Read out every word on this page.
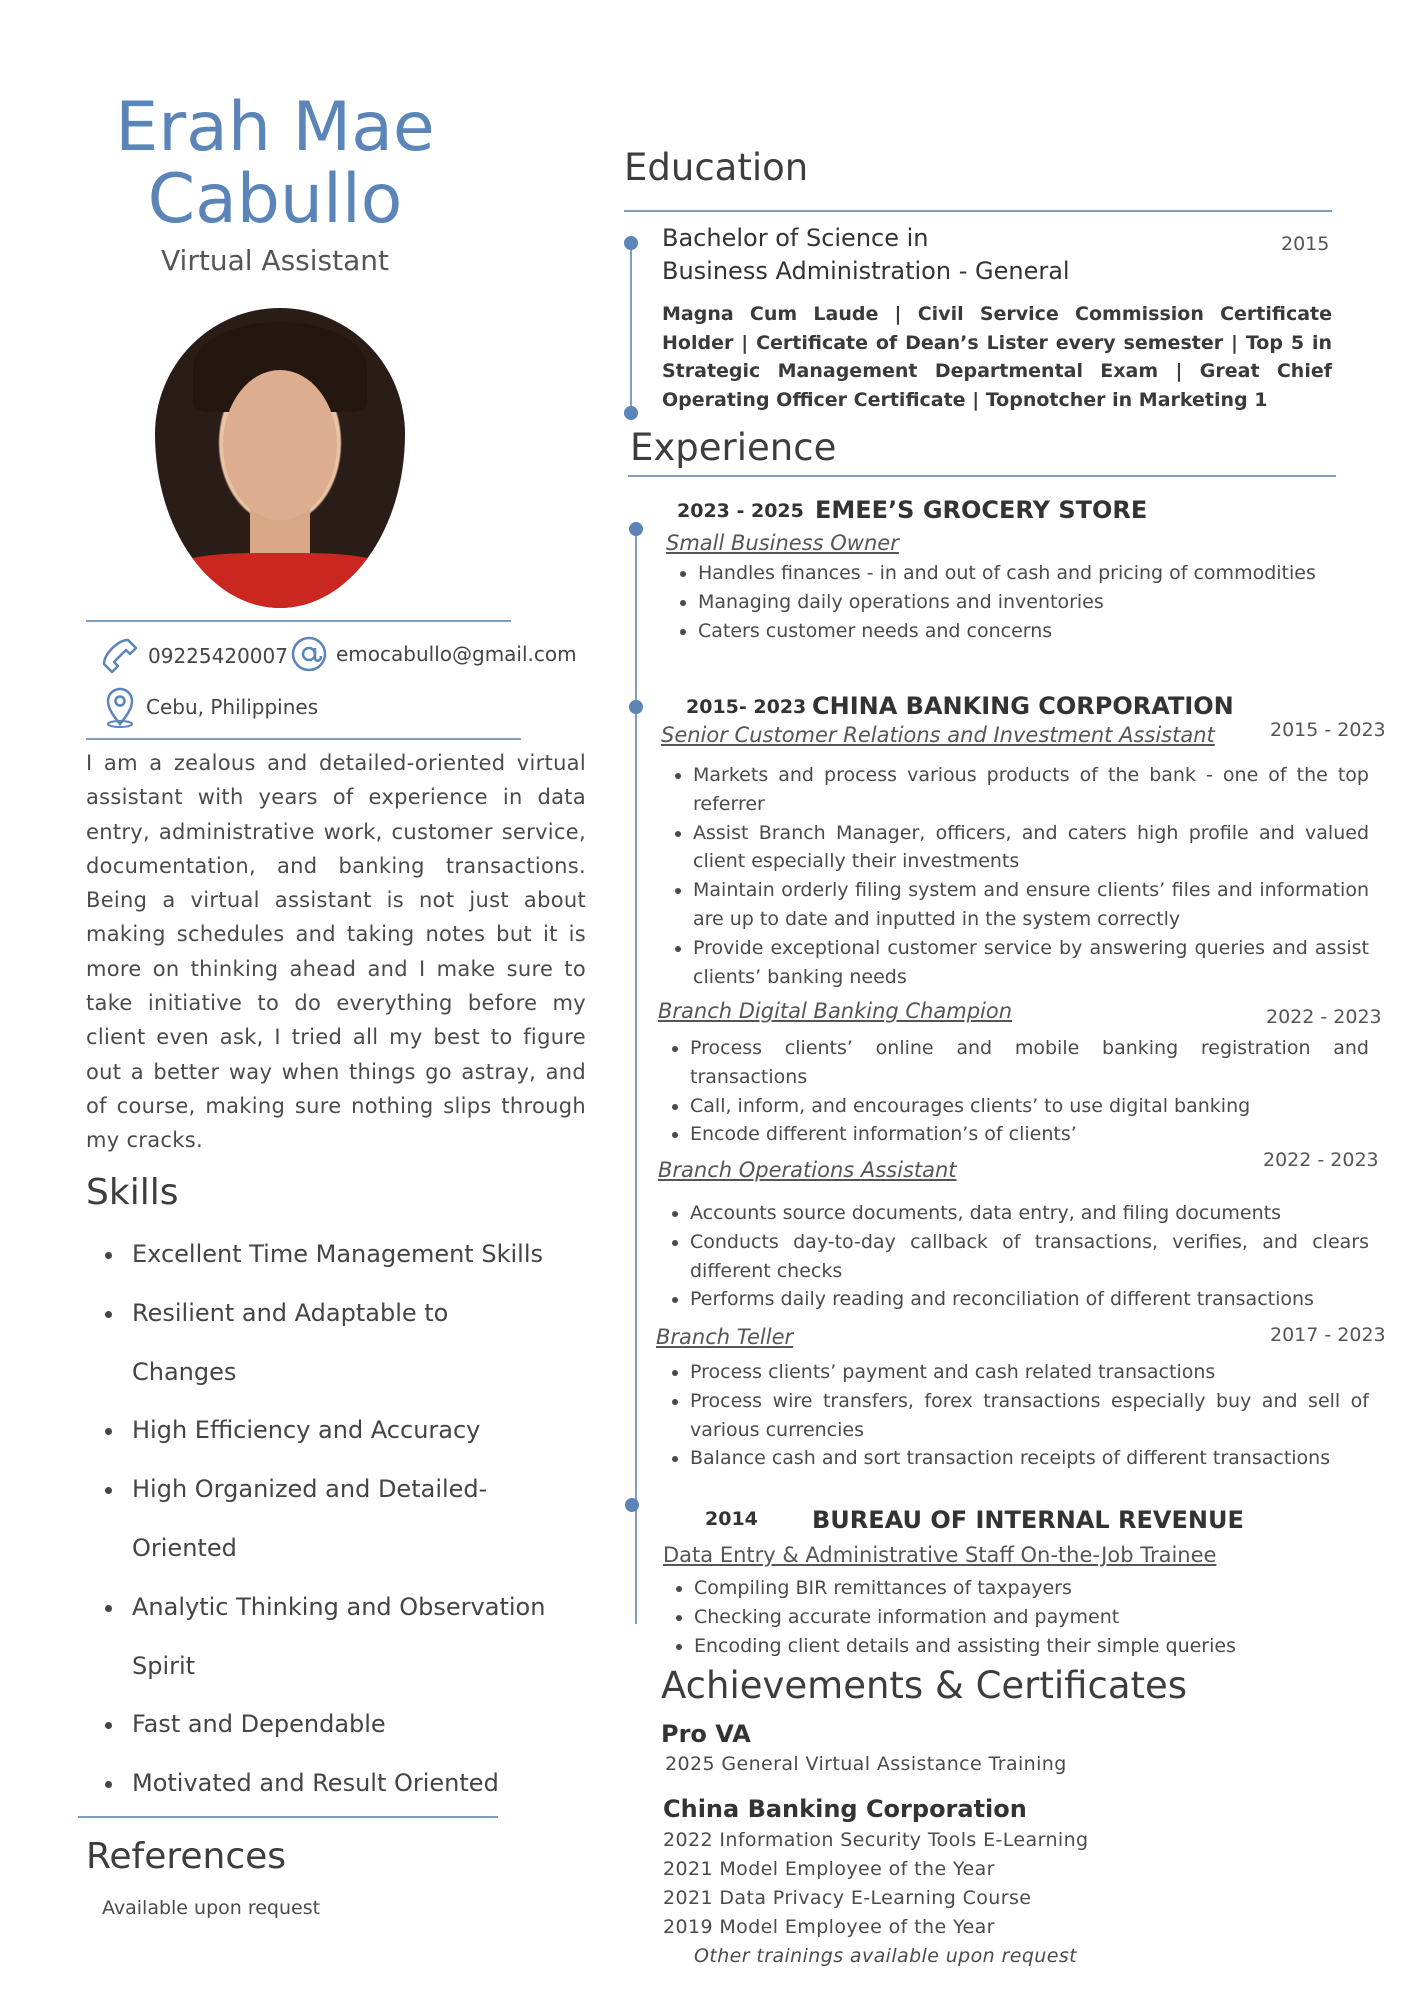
Erah Mae
Cabullo
Virtual Assistant
09225420007 emocabullo@gmail.com
Cebu, Philippines
I am a zealous and detailed-oriented virtual assistant with years of experience in data entry, administrative work, customer service, documentation, and banking transactions. Being a virtual assistant is not just about making schedules and taking notes but it is more on thinking ahead and I make sure to take initiative to do everything before my client even ask, I tried all my best to figure out a better way when things go astray, and of course, making sure nothing slips through my cracks.
Skills
• Excellent Time Management Skills
• Resilient and Adaptable to Changes
• High Efficiency and Accuracy
• High Organized and Detailed-Oriented
• Analytic Thinking and Observation Spirit
• Fast and Dependable
• Motivated and Result Oriented
References
Available upon request
Education
Bachelor of Science in
Business Administration - General
2015
Magna Cum Laude | Civil Service Commission Certificate Holder | Certificate of Dean’s Lister every semester | Top 5 in Strategic Management Departmental Exam | Great Chief Operating Officer Certificate | Topnotcher in Marketing 1
Experience
2023 - 2025 EMEE’S GROCERY STORE
Small Business Owner
• Handles finances - in and out of cash and pricing of commodities
• Managing daily operations and inventories
• Caters customer needs and concerns
2015- 2023 CHINA BANKING CORPORATION
Senior Customer Relations and Investment Assistant	2015 - 2023
• Markets and process various products of the bank - one of the top referrer
• Assist Branch Manager, officers, and caters high profile and valued client especially their investments
• Maintain orderly filing system and ensure clients’ files and information are up to date and inputted in the system correctly
• Provide exceptional customer service by answering queries and assist clients’ banking needs
Branch Digital Banking Champion	2022 - 2023
• Process clients’ online and mobile banking registration and transactions
• Call, inform, and encourages clients’ to use digital banking
• Encode different information’s of clients’
Branch Operations Assistant	2022 - 2023
• Accounts source documents, data entry, and filing documents
• Conducts day-to-day callback of transactions, verifies, and clears different checks
• Performs daily reading and reconciliation of different transactions
Branch Teller	2017 - 2023
• Process clients’ payment and cash related transactions
• Process wire transfers, forex transactions especially buy and sell of various currencies
• Balance cash and sort transaction receipts of different transactions
2014 BUREAU OF INTERNAL REVENUE
Data Entry & Administrative Staff On-the-Job Trainee
• Compiling BIR remittances of taxpayers
• Checking accurate information and payment
• Encoding client details and assisting their simple queries
Achievements & Certificates
Pro VA
2025 General Virtual Assistance Training
China Banking Corporation
2022 Information Security Tools E-Learning
2021 Model Employee of the Year
2021 Data Privacy E-Learning Course
2019 Model Employee of the Year
Other trainings available upon request
